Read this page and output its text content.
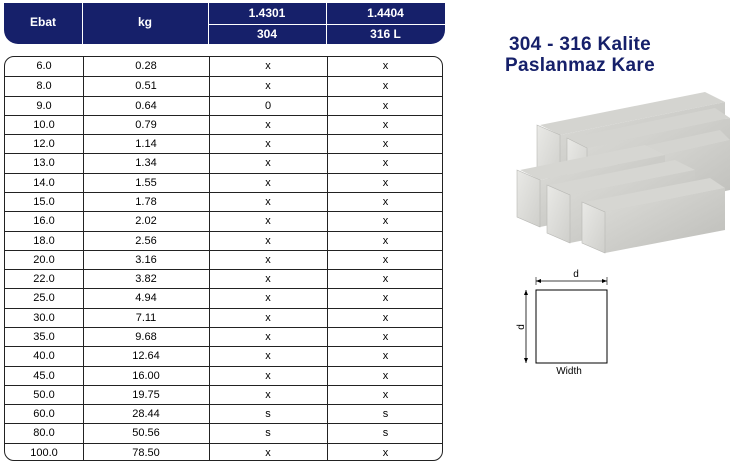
Ebat	kg
1.4301	1.4404
304	316 L
6.0	0.28	x	x
8.0	0.51	x	x
9.0	0.64	0	x
10.0	0.79	x	x
12.0	1.14	x	x
13.0	1.34	x	x
14.0	1.55	x	x
15.0	1.78	x	x
16.0	2.02	x	x
18.0	2.56	x	x
20.0	3.16	x	x
22.0	3.82	x	x
25.0	4.94	x	x
30.0	7.11	x	x
35.0	9.68	x	x
40.0	12.64	x	x
45.0	16.00	x	x
50.0	19.75	x	x
60.0	28.44	s	s
80.0	50.56	s	s
100.0	78.50	x	x
304 - 316 Kalite
Paslanmaz Kare
d
d
Width
